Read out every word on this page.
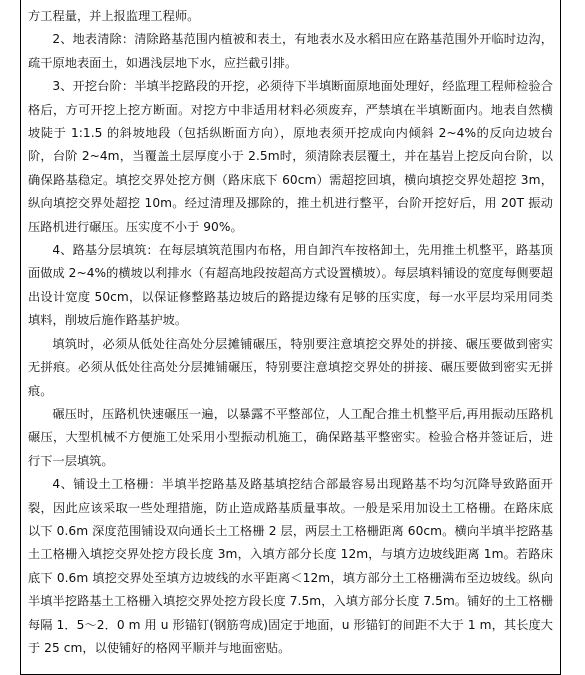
方工程量，并上报监理工程师。

2、地表清除：清除路基范围内植被和表土，有地表水及水稻田应在路基范围外开临时边沟，疏干原地表面土，如遇浅层地下水，应拦截引排。

3、开挖台阶：半填半挖路段的开挖，必须待下半填断面原地面处理好，经监理工程师检验合格后，方可开挖上挖方断面。对挖方中非适用材料必须废弃，严禁填在半填断面内。地表自然横坡陡于 1:1.5 的斜坡地段（包括纵断面方向），原地表须开挖成向内倾斜 2~4%的反向边坡台阶，台阶 2~4m，当覆盖土层厚度小于 2.5m时，须清除表层覆土，并在基岩上挖反向台阶，以确保路基稳定。填挖交界处挖方侧（路床底下 60cm）需超挖回填，横向填挖交界处超挖 3m，纵向填挖交界处超挖 10m。经过清理及挪除的，推土机进行整平，台阶开挖好后，用 20T 振动压路机进行碾压。压实度不小于 90%。

4、路基分层填筑：在每层填筑范围内布格，用自卸汽车按格卸土，先用推土机整平，路基顶面做成 2~4%的横坡以利排水（有超高地段按超高方式设置横坡）。每层填料铺设的宽度每侧要超出设计宽度 50cm，以保证修整路基边坡后的路提边缘有足够的压实度，每一水平层均采用同类填料，削坡后施作路基护坡。

填筑时，必须从低处往高处分层摊铺碾压，特别要注意填挖交界处的拼接、碾压要做到密实无拼痕。必须从低处往高处分层摊铺碾压，特别要注意填挖交界处的拼接、碾压要做到密实无拼痕。

碾压时，压路机快速碾压一遍，以暴露不平整部位，人工配合推土机整平后,再用振动压路机碾压，大型机械不方便施工处采用小型振动机施工，确保路基平整密实。检验合格并签证后，进行下一层填筑。

4、铺设土工格栅：半填半挖路基及路基填挖结合部最容易出现路基不均匀沉降导致路面开裂，因此应该采取一些处理措施，防止造成路基质量事故。一般是采用加设土工格栅。在路床底以下 0.6m 深度范围铺设双向通长土工格栅 2 层，两层土工格栅距离 60cm。横向半填半挖路基土工格栅入填挖交界处挖方段长度 3m，入填方部分长度 12m，与填方边坡线距离 1m。若路床底下 0.6m 填挖交界处至填方边坡线的水平距离＜12m，填方部分土工格栅满布至边坡线。纵向半填半挖路基土工格栅入填挖交界处挖方段长度 7.5m，入填方部分长度 7.5m。铺好的土工格栅每隔 1．5～2．0 m 用 u 形锚钉(钢筋弯成)固定于地面，u 形锚钉的间距不大于 1 m，其长度大于 25 cm，以使铺好的格网平顺并与地面密贴。
